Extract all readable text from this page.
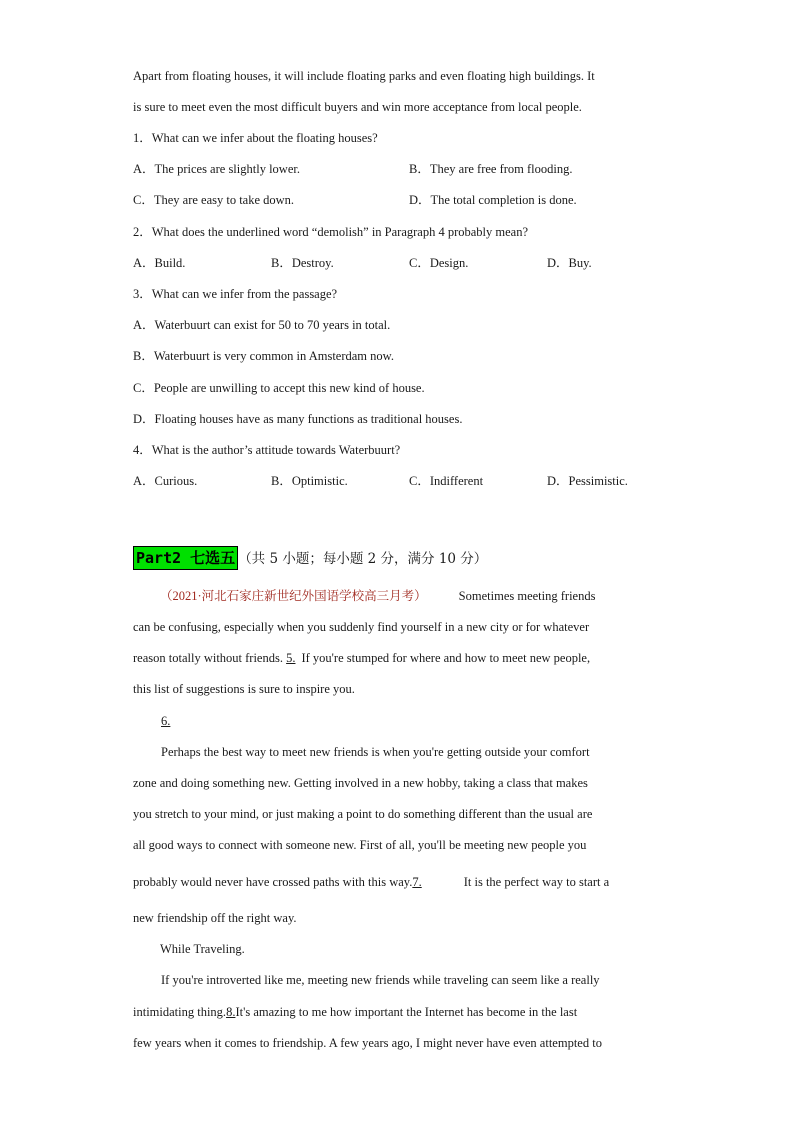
Apart from floating houses, it will include floating parks and even floating high buildings. It
is sure to meet even the most difficult buyers and win more acceptance from local people.
1．What can we infer about the floating houses?
A．The prices are slightly lower.	B．They are free from flooding.
C．They are easy to take down.	D．The total completion is done.
2．What does the underlined word “demolish” in Paragraph 4 probably mean?
A．Build.	B．Destroy.	C．Design.	D．Buy.
3．What can we infer from the passage?
A．Waterbuurt can exist for 50 to 70 years in total.
B．Waterbuurt is very common in Amsterdam now.
C．People are unwilling to accept this new kind of house.
D．Floating houses have as many functions as traditional houses.
4．What is the author’s attitude towards Waterbuurt?
A．Curious.	B．Optimistic.	C．Indifferent	D．Pessimistic.
Part2 七选五 （共 5 小题；每小题 2 分，满分 10 分）
（2021·河北石家庄新世纪外国语学校高三月考）	Sometimes meeting friends
can be confusing, especially when you suddenly find yourself in a new city or for whatever
reason totally without friends. 5. If you're stumped for where and how to meet new people,
this list of suggestions is sure to inspire you.
6.
Perhaps the best way to meet new friends is when you're getting outside your comfort
zone and doing something new. Getting involved in a new hobby, taking a class that makes
you stretch to your mind, or just making a point to do something different than the usual are
all good ways to connect with someone new. First of all, you'll be meeting new people you
probably would never have crossed paths with this way.7.	It is the perfect way to start a
new friendship off the right way.
While Traveling.
If you're introverted like me, meeting new friends while traveling can seem like a really
intimidating thing.8.It's amazing to me how important the Internet has become in the last
few years when it comes to friendship. A few years ago, I might never have even attempted to
